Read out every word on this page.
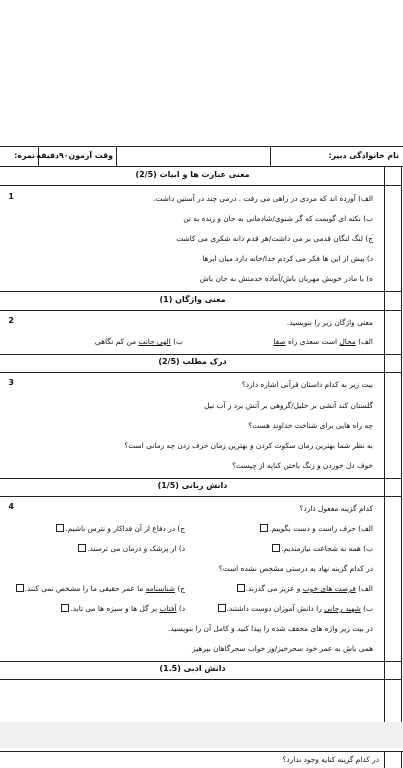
نام خانوادگی دبیر:
وقت آزمون۹۰دقیقه
نمره:
معنی عبارت ها و ابیات (2/5)
1	الف) آورده اند که مردی در راهی می رفت . درمی چند در آستین داشت.
ب) نکته ای گویمت که گر شنوی/شادمانی به جان و زنده به تن
ج) لنگ لنگان قدمی بر می داشت/هر قدم دانه شکری می کاشت
د) پیش از این ها فکر می کردم خدا/خانه دارد میان ابرها
ه) با مادر خویش مهربان باش/آماده خدمتش به جان باش
معنی واژگان (1)
2	معنی واژگان زیر را بنویسید.
الف) محال است سعدی راه صفا
ب) الهی جانب من کم نگاهی
درک مطلب (2/5)
3	بیت زیر به کدام داستان قرآنی اشاره دارد؟
گلستان کند آتشی بر خلیل/گروهی بر آتش برد ز آب نیل
چه راه هایی برای شناخت خداوند هست؟
به نظر شما بهترین زمان سکوت کردن و بهترین زمان حرف زدن چه زمانی است؟
خوف دل خوردن و زنگ باختن کنایه از چیست؟
دانش زبانی (1/5)
4	کدام گزینه مفعول دارد؟
الف) حرف راست و دست بگوییم.
ج) در دفاع از آن فداکار و نترس باشیم.
ب) همه به شجاعت نیازمندیم.
د) از پزشک و درمان می ترسند.
در کدام گزینه نهاد به درستی مشخص نشده است؟
الف) فرصت های خوب و عزیز می گذرند.
ج) شناسنامه ما عمر حقیقی ما را مشخص نمی کنند.
ب) شهید رجایی را دانش آموزان دوست داشتند.
د) آفتاب بر گل ها و سبزه ها می تابد.
در بیت زیر واژه های مخفف شده را پیدا کنید و کامل آن را بنویسید.
همی باش به عمر خود سحرخیز/وز خواب سحرگاهان بپرهیز
دانش ادبی (1.5)
در کدام گزینه کنایه وجود ندارد؟
